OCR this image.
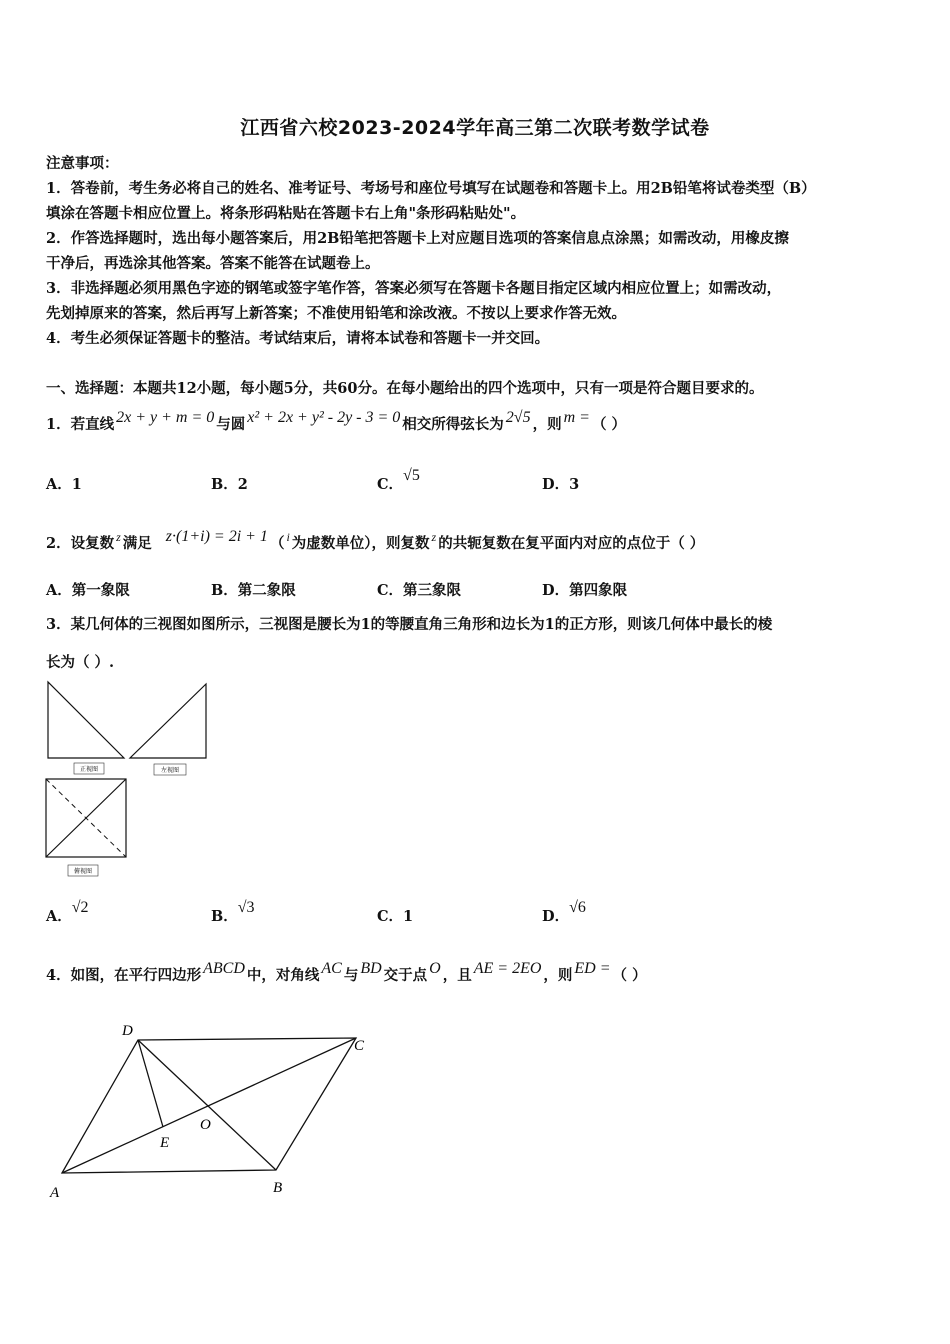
江西省六校2023-2024学年高三第二次联考数学试卷
注意事项：
1．答卷前，考生务必将自己的姓名、准考证号、考场号和座位号填写在试题卷和答题卡上。用2B铅笔将试卷类型（B）
填涂在答题卡相应位置上。将条形码粘贴在答题卡右上角"条形码粘贴处"。
2．作答选择题时，选出每小题答案后，用2B铅笔把答题卡上对应题目选项的答案信息点涂黑；如需改动，用橡皮擦
干净后，再选涂其他答案。答案不能答在试题卷上。
3．非选择题必须用黑色字迹的钢笔或签字笔作答，答案必须写在答题卡各题目指定区域内相应位置上；如需改动，
先划掉原来的答案，然后再写上新答案；不准使用铅笔和涂改液。不按以上要求作答无效。
4．考生必须保证答题卡的整洁。考试结束后，请将本试卷和答题卡一并交回。
一、选择题：本题共12小题，每小题5分，共60分。在每小题给出的四个选项中，只有一项是符合题目要求的。
1．若直线 2x + y + m = 0 与圆 x² + 2x + y² - 2y - 3 = 0 相交所得弦长为 2√5 ，则 m = （ ）
A．1	B．2	C．√5
D．3
2．设复数 $^z$ 满足 z·(1+i) = 2i + 1 （ $^i$ 为虚数单位），则复数 $^z$ 的共轭复数在复平面内对应的点位于（ ）
A．第一象限	B．第二象限	C．第三象限	D．第四象限
3．某几何体的三视图如图所示，三视图是腰长为1的等腰直角三角形和边长为1的正方形，则该几何体中最长的棱
长为（ ）.
正视图	左视图
俯视图
A．√2
B．√3
C．1	D．√6
4．如图，在平行四边形 ABCD 中，对角线 AC 与 BD 交于点 O ，且 AE = 2EO ，则 ED = （ ）
A	B
C
D
E
O
